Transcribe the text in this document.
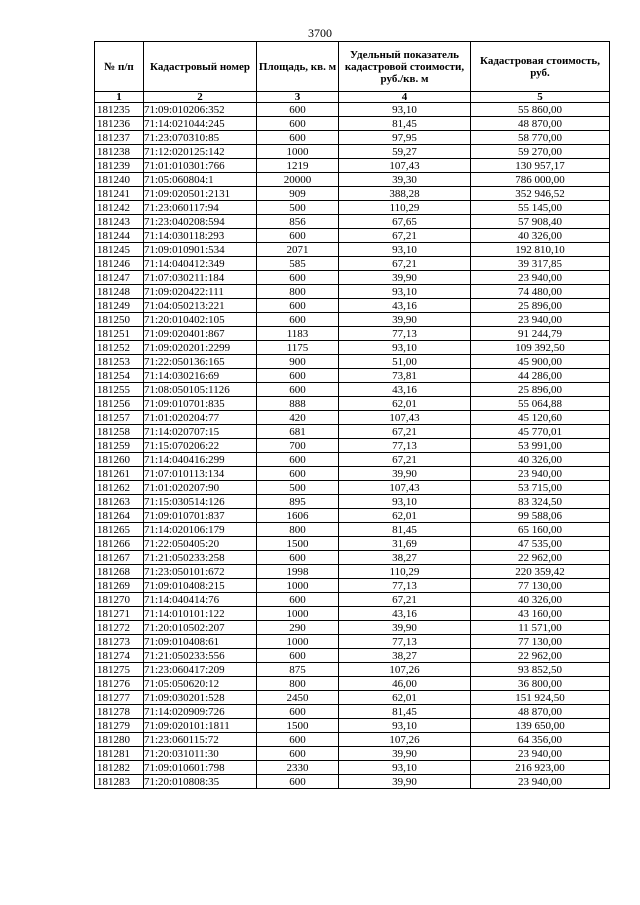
3700
№ п/п	Кадастровый номер	Площадь, кв. м	Удельный показатель кадастровой стоимости, руб./кв. м	Кадастровая стоимость, руб.
1	2	3	4	5
181235	71:09:010206:352	600	93,10	55 860,00
181236	71:14:021044:245	600	81,45	48 870,00
181237	71:23:070310:85	600	97,95	58 770,00
181238	71:12:020125:142	1000	59,27	59 270,00
181239	71:01:010301:766	1219	107,43	130 957,17
181240	71:05:060804:1	20000	39,30	786 000,00
181241	71:09:020501:2131	909	388,28	352 946,52
181242	71:23:060117:94	500	110,29	55 145,00
181243	71:23:040208:594	856	67,65	57 908,40
181244	71:14:030118:293	600	67,21	40 326,00
181245	71:09:010901:534	2071	93,10	192 810,10
181246	71:14:040412:349	585	67,21	39 317,85
181247	71:07:030211:184	600	39,90	23 940,00
181248	71:09:020422:111	800	93,10	74 480,00
181249	71:04:050213:221	600	43,16	25 896,00
181250	71:20:010402:105	600	39,90	23 940,00
181251	71:09:020401:867	1183	77,13	91 244,79
181252	71:09:020201:2299	1175	93,10	109 392,50
181253	71:22:050136:165	900	51,00	45 900,00
181254	71:14:030216:69	600	73,81	44 286,00
181255	71:08:050105:1126	600	43,16	25 896,00
181256	71:09:010701:835	888	62,01	55 064,88
181257	71:01:020204:77	420	107,43	45 120,60
181258	71:14:020707:15	681	67,21	45 770,01
181259	71:15:070206:22	700	77,13	53 991,00
181260	71:14:040416:299	600	67,21	40 326,00
181261	71:07:010113:134	600	39,90	23 940,00
181262	71:01:020207:90	500	107,43	53 715,00
181263	71:15:030514:126	895	93,10	83 324,50
181264	71:09:010701:837	1606	62,01	99 588,06
181265	71:14:020106:179	800	81,45	65 160,00
181266	71:22:050405:20	1500	31,69	47 535,00
181267	71:21:050233:258	600	38,27	22 962,00
181268	71:23:050101:672	1998	110,29	220 359,42
181269	71:09:010408:215	1000	77,13	77 130,00
181270	71:14:040414:76	600	67,21	40 326,00
181271	71:14:010101:122	1000	43,16	43 160,00
181272	71:20:010502:207	290	39,90	11 571,00
181273	71:09:010408:61	1000	77,13	77 130,00
181274	71:21:050233:556	600	38,27	22 962,00
181275	71:23:060417:209	875	107,26	93 852,50
181276	71:05:050620:12	800	46,00	36 800,00
181277	71:09:030201:528	2450	62,01	151 924,50
181278	71:14:020909:726	600	81,45	48 870,00
181279	71:09:020101:1811	1500	93,10	139 650,00
181280	71:23:060115:72	600	107,26	64 356,00
181281	71:20:031011:30	600	39,90	23 940,00
181282	71:09:010601:798	2330	93,10	216 923,00
181283	71:20:010808:35	600	39,90	23 940,00
